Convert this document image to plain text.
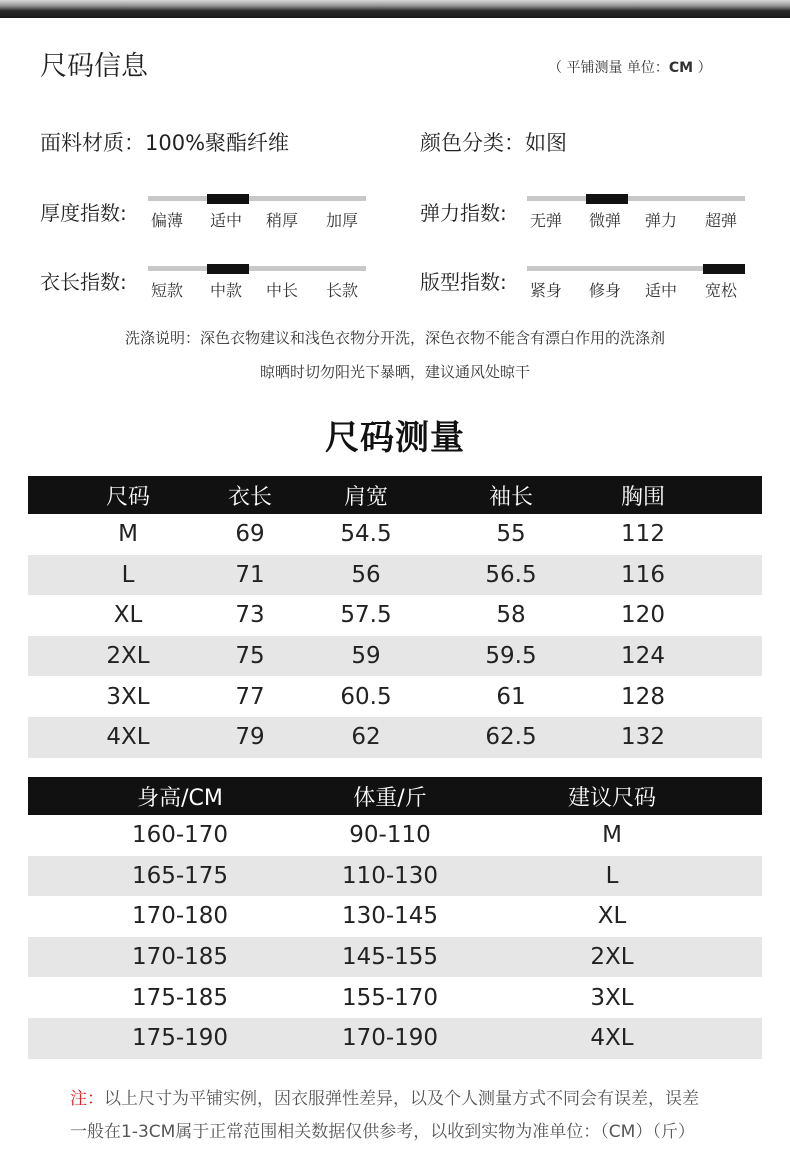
尺码信息	（ 平铺测量 单位：CM ）
面料材质：100%聚酯纤维	颜色分类：如图
厚度指数:	偏薄	适中	稍厚	加厚	弹力指数:	无弹	微弹	弹力	超弹
衣长指数:	短款	中款	中长	长款	版型指数:	紧身	修身	适中	宽松
洗涤说明：深色衣物建议和浅色衣物分开洗，深色衣物不能含有漂白作用的洗涤剂
晾晒时切勿阳光下暴晒，建议通风处晾干
尺码测量
尺码	衣长	肩宽	袖长	胸围
M	69	54.5	55	112
L	71	56	56.5	116
XL	73	57.5	58	120
2XL	75	59	59.5	124
3XL	77	60.5	61	128
4XL	79	62	62.5	132
身高/CM	体重/斤	建议尺码
160-170	90-110	M
165-175	110-130	L
170-180	130-145	XL
170-185	145-155	2XL
175-185	155-170	3XL
175-190	170-190	4XL
注：以上尺寸为平铺实例，因衣服弹性差异，以及个人测量方式不同会有误差，误差
一般在1-3CM属于正常范围相关数据仅供参考，以收到实物为准单位：（CM）（斤）
